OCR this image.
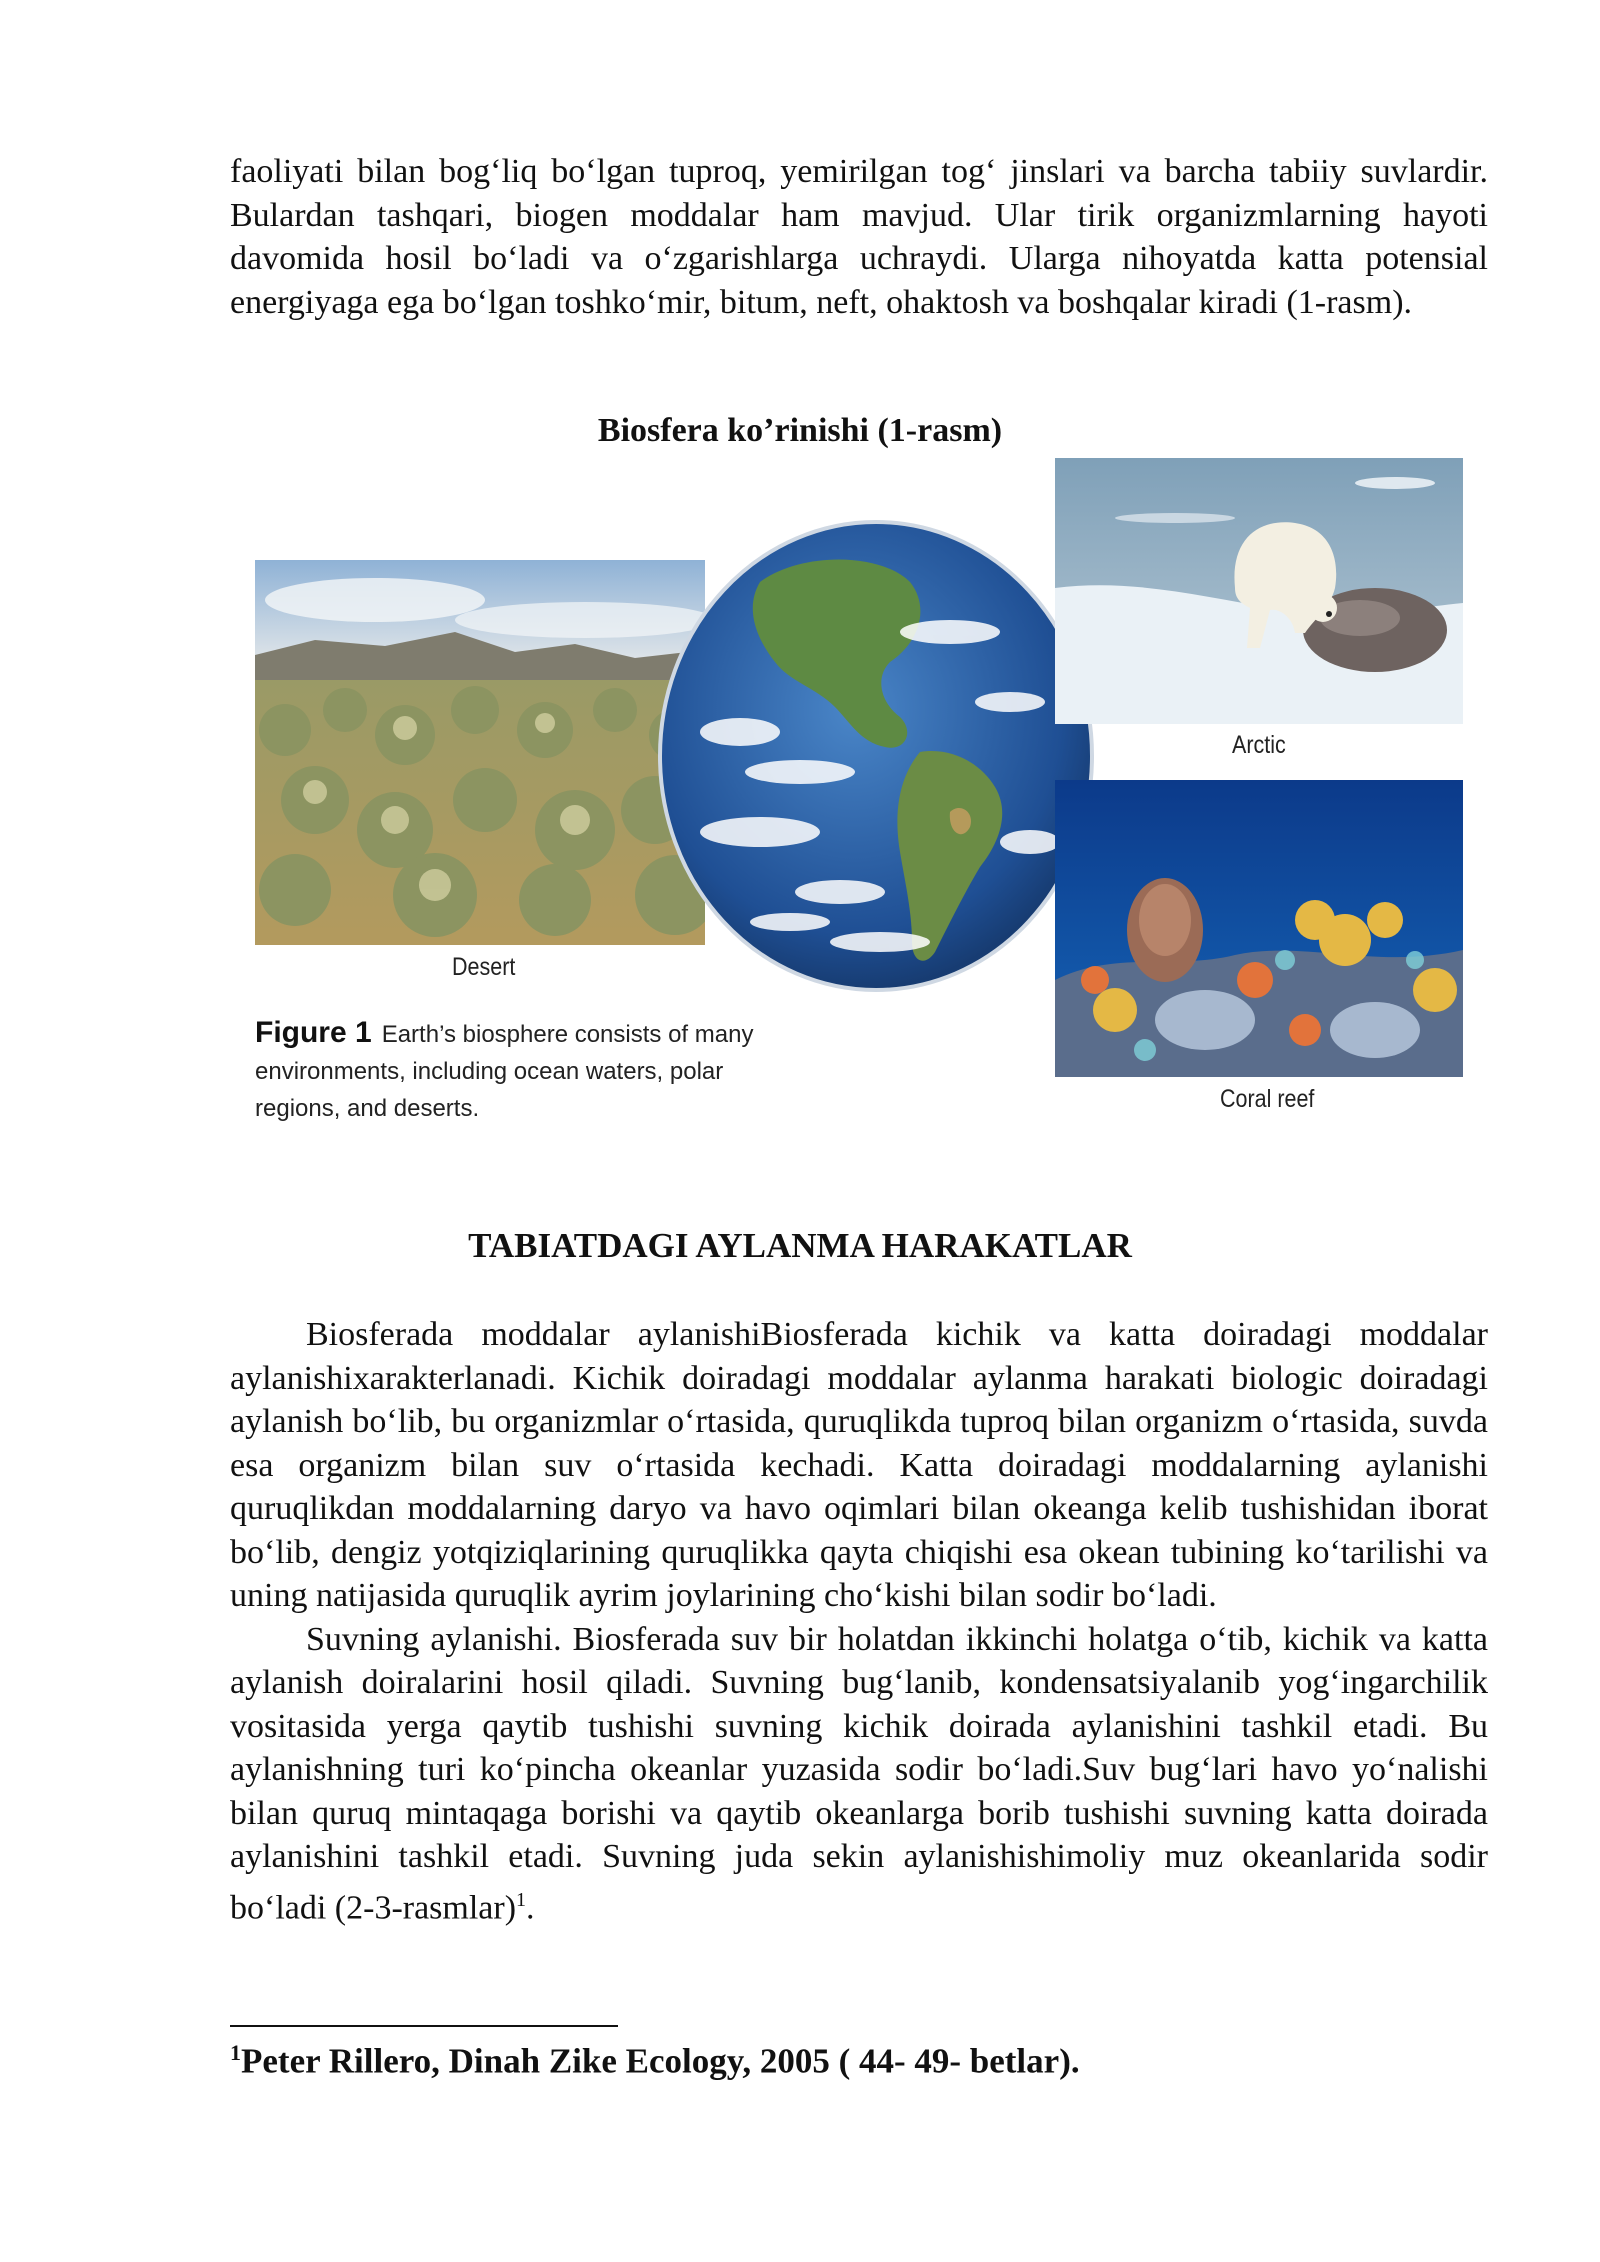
faoliyati bilan bog‘liq bo‘lgan tuproq, yemirilgan tog‘ jinslari va barcha tabiiy suvlardir. Bulardan tashqari, biogen moddalar ham mavjud. Ular tirik organizmlarning hayoti davomida hosil bo‘ladi va o‘zgarishlarga uchraydi. Ularga nihoyatda katta potensial energiyaga ega bo‘lgan toshko‘mir, bitum, neft, ohaktosh va boshqalar kiradi (1-rasm).

Biosfera ko’rinishi (1-rasm)
Desert
Arctic
Coral reef
Figure 1 Earth’s biosphere consists of many environments, including ocean waters, polar regions, and deserts.
TABIATDAGI AYLANMA HARAKATLAR

Biosferada moddalar aylanishiBiosferada kichik va katta doiradagi moddalar aylanishixarakterlanadi. Kichik doiradagi moddalar aylanma harakati biologic doiradagi aylanish bo‘lib, bu organizmlar o‘rtasida, quruqlikda tuproq bilan organizm o‘rtasida, suvda esa organizm bilan suv o‘rtasida kechadi. Katta doiradagi moddalarning aylanishi quruqlikdan moddalarning daryo va havo oqimlari bilan okeanga kelib tushishidan iborat bo‘lib, dengiz yotqiziqlarining quruqlikka qayta chiqishi esa okean tubining ko‘tarilishi va uning natijasida quruqlik ayrim joylarining cho‘kishi bilan sodir bo‘ladi.

Suvning aylanishi. Biosferada suv bir holatdan ikkinchi holatga o‘tib, kichik va katta aylanish doiralarini hosil qiladi. Suvning bug‘lanib, kondensatsiyalanib yog‘ingarchilik vositasida yerga qaytib tushishi suvning kichik doirada aylanishini tashkil etadi. Bu aylanishning turi ko‘pincha okeanlar yuzasida sodir bo‘ladi.Suv bug‘lari havo yo‘nalishi bilan quruq mintaqaga borishi va qaytib okeanlarga borib tushishi suvning katta doirada aylanishini tashkil etadi. Suvning juda sekin aylanishishimoliy muz okeanlarida sodir bo‘ladi (2-3-rasmlar)$^1$.

$^1$Peter Rillero, Dinah Zike Ecology, 2005 ( 44- 49- betlar).
